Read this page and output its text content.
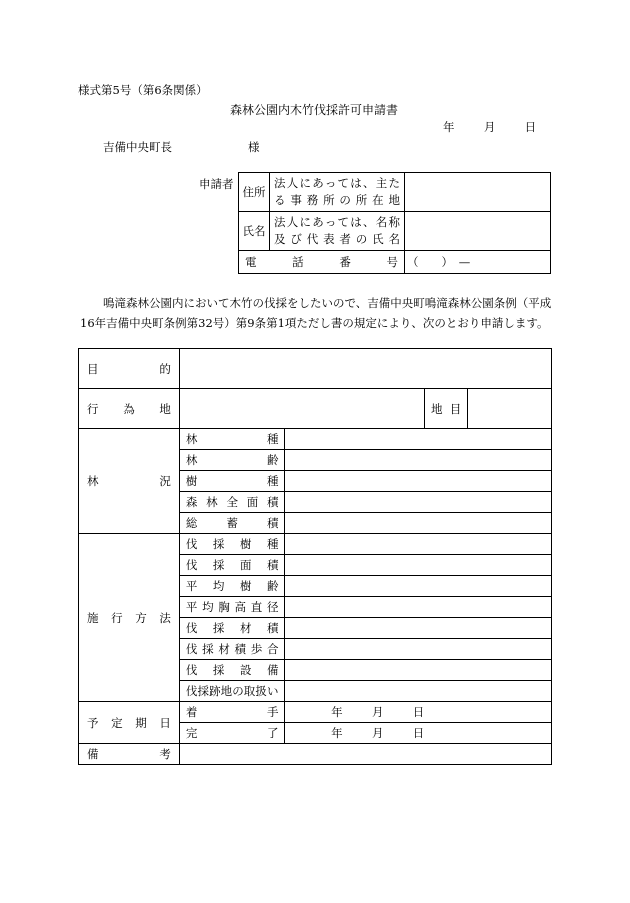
様式第5号（第6条関係）
森林公園内木竹伐採許可申請書
年	月	日
吉備中央町長	様
申請者
住所	法人にあっては、主た
る事務所の所在地	

氏名	法人にあっては、名称
及び代表者の氏名	

電話番号		（　　）　—
鳴滝森林公園内において木竹の伐採をしたいので、吉備中央町鳴滝森林公園条例（平成
16年吉備中央町条例第32号）第9条第1項ただし書の規定により、次のとおり申請します。
目的				

行為地			地目	

林況	林種			

	林齢			

	樹種			

	森林全面積			

	総蓄積			

施行方法	伐採樹種			

	伐採面積			

	平均樹齢			

	平均胸高直径			

	伐採材積			

	伐採材積歩合			

	伐採設備			

	伐採跡地の取扱い			

予定期日	着手	年 月 日		

	完了	年 月 日		

備考				
